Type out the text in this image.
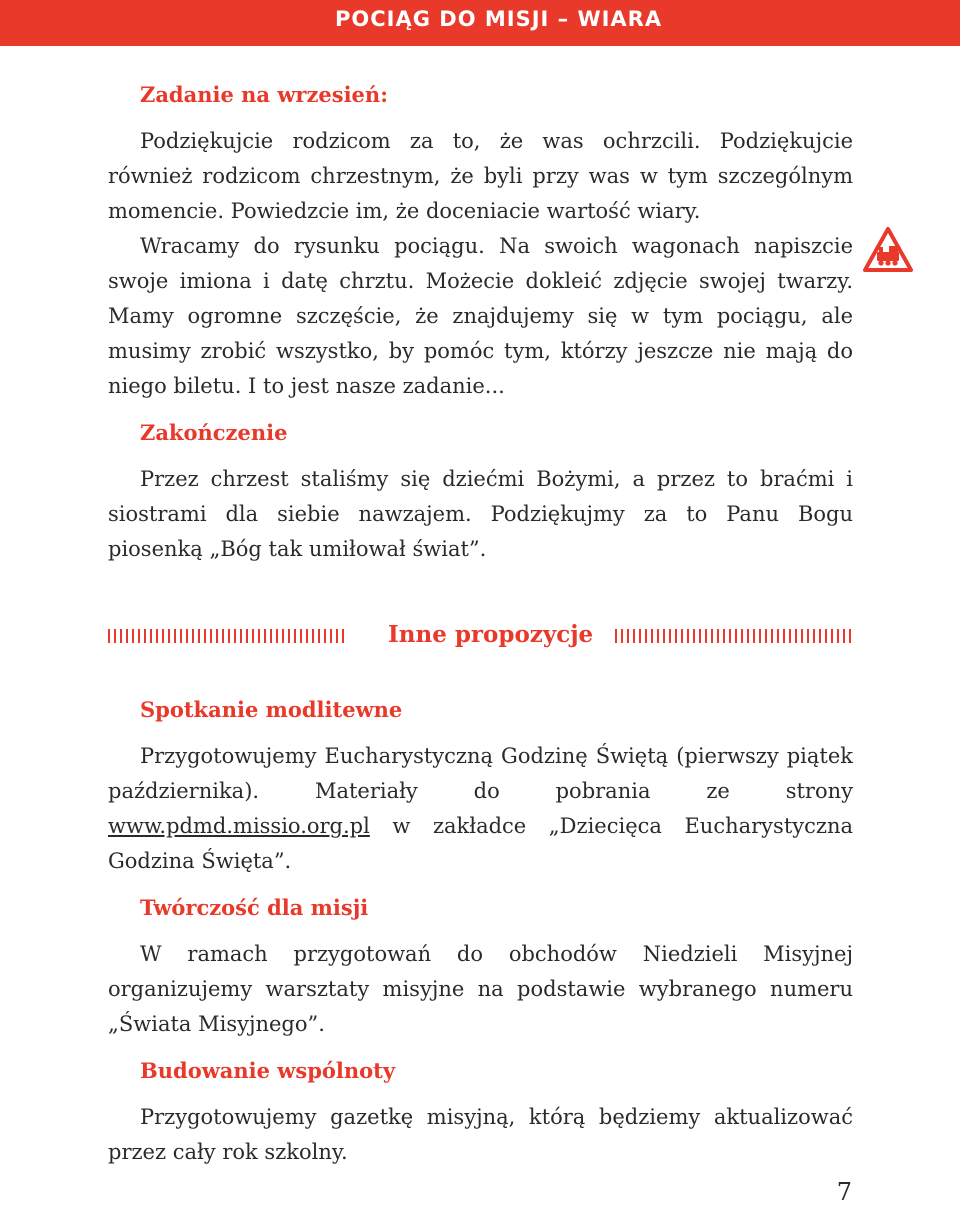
POCIĄG DO MISJI – WIARA
Zadanie na wrzesień:

Podziękujcie rodzicom za to, że was ochrzcili. Podziękujcie również rodzicom chrzestnym, że byli przy was w tym szczególnym momencie. Powiedzcie im, że doceniacie wartość wiary.

Wracamy do rysunku pociągu. Na swoich wagonach napiszcie swoje imiona i datę chrztu. Możecie dokleić zdjęcie swojej twarzy. Mamy ogromne szczęście, że znajdujemy się w tym pociągu, ale musimy zrobić wszystko, by pomóc tym, którzy jeszcze nie mają do niego biletu. I to jest nasze zadanie...

Zakończenie

Przez chrzest staliśmy się dziećmi Bożymi, a przez to braćmi i siostrami dla siebie nawzajem. Podziękujmy za to Panu Bogu piosenką „Bóg tak umiłował świat”.

Inne propozycje
Spotkanie modlitewne

Przygotowujemy Eucharystyczną Godzinę Świętą (pierwszy piątek października). Materiały do pobrania ze strony www.pdmd.missio.org.pl w zakładce „Dziecięca Eucharystyczna Godzina Święta”.

Twórczość dla misji

W ramach przygotowań do obchodów Niedzieli Misyjnej organizujemy warsztaty misyjne na podstawie wybranego numeru „Świata Misyjnego”.

Budowanie wspólnoty

Przygotowujemy gazetkę misyjną, którą będziemy aktualizować przez cały rok szkolny.

7
